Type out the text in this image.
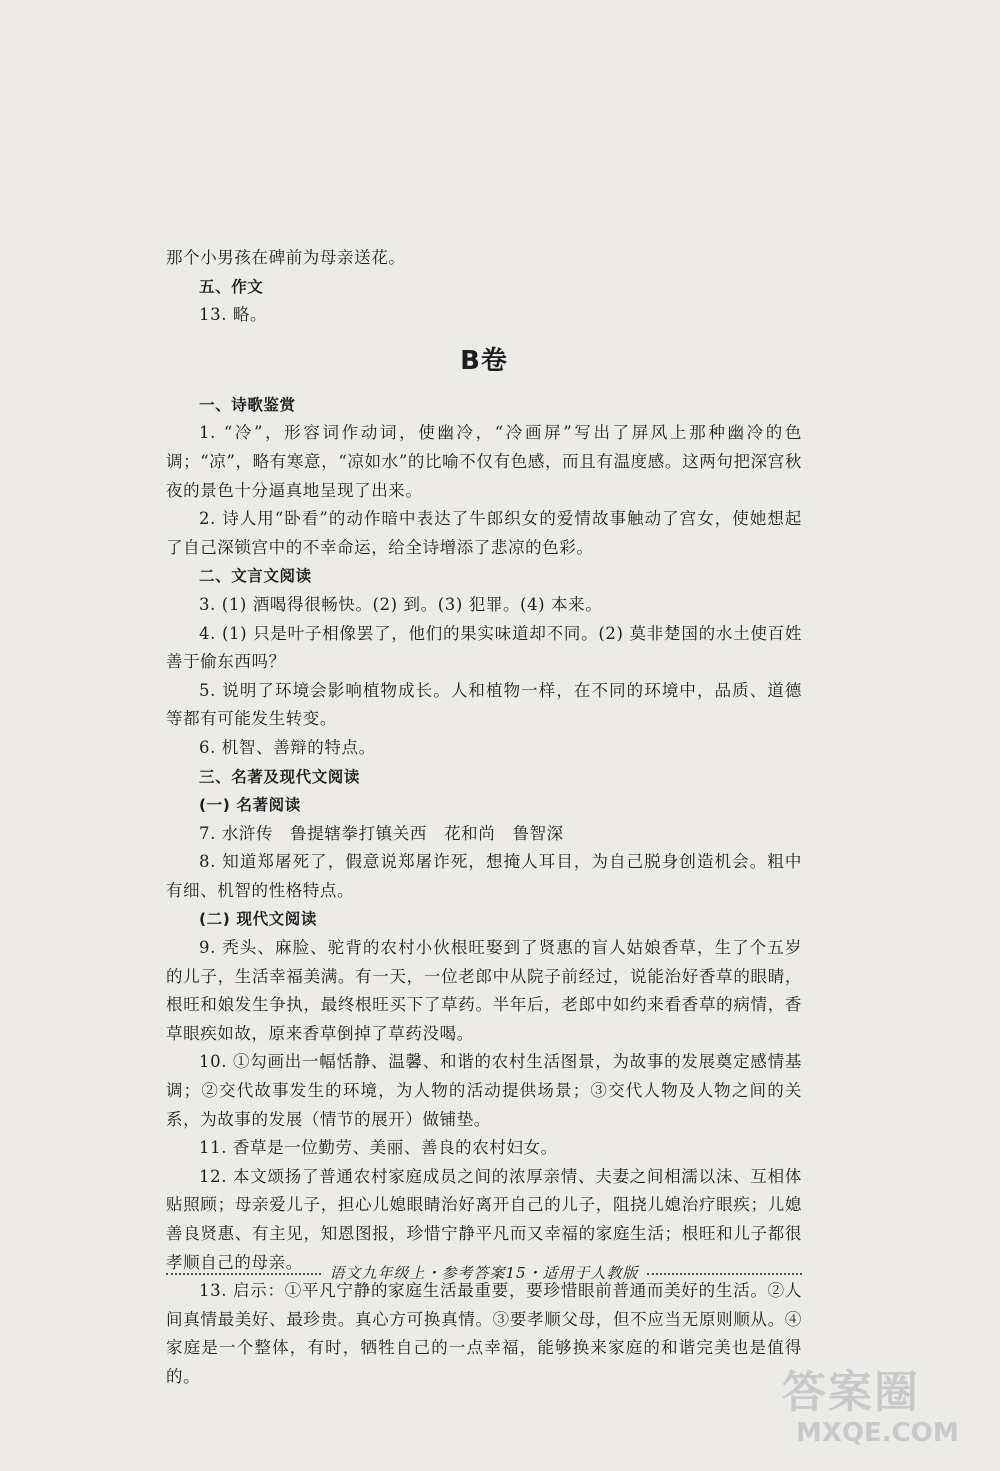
那个小男孩在碑前为母亲送花。
五、作文
13. 略。
B卷
一、诗歌鉴赏
1. “冷”，形容词作动词，使幽冷，“冷画屏”写出了屏风上那种幽冷的色调；“凉”，略有寒意，“凉如水”的比喻不仅有色感，而且有温度感。这两句把深宫秋夜的景色十分逼真地呈现了出来。
2. 诗人用“卧看”的动作暗中表达了牛郎织女的爱情故事触动了宫女，使她想起了自己深锁宫中的不幸命运，给全诗增添了悲凉的色彩。
二、文言文阅读
3. (1) 酒喝得很畅快。(2) 到。(3) 犯罪。(4) 本来。
4. (1) 只是叶子相像罢了，他们的果实味道却不同。(2) 莫非楚国的水土使百姓善于偷东西吗？
5. 说明了环境会影响植物成长。人和植物一样，在不同的环境中，品质、道德等都有可能发生转变。
6. 机智、善辩的特点。
三、名著及现代文阅读
(一) 名著阅读
7. 水浒传　鲁提辖拳打镇关西　花和尚　鲁智深
8. 知道郑屠死了，假意说郑屠诈死，想掩人耳目，为自己脱身创造机会。粗中有细、机智的性格特点。
(二) 现代文阅读
9. 秃头、麻脸、驼背的农村小伙根旺娶到了贤惠的盲人姑娘香草，生了个五岁的儿子，生活幸福美满。有一天，一位老郎中从院子前经过，说能治好香草的眼睛，根旺和娘发生争执，最终根旺买下了草药。半年后，老郎中如约来看香草的病情，香草眼疾如故，原来香草倒掉了草药没喝。
10. ①勾画出一幅恬静、温馨、和谐的农村生活图景，为故事的发展奠定感情基调；②交代故事发生的环境，为人物的活动提供场景；③交代人物及人物之间的关系，为故事的发展（情节的展开）做铺垫。
11. 香草是一位勤劳、美丽、善良的农村妇女。
12. 本文颂扬了普通农村家庭成员之间的浓厚亲情、夫妻之间相濡以沫、互相体贴照顾；母亲爱儿子，担心儿媳眼睛治好离开自己的儿子，阻挠儿媳治疗眼疾；儿媳善良贤惠、有主见，知恩图报，珍惜宁静平凡而又幸福的家庭生活；根旺和儿子都很孝顺自己的母亲。
13. 启示：①平凡宁静的家庭生活最重要，要珍惜眼前普通而美好的生活。②人间真情最美好、最珍贵。真心方可换真情。③要孝顺父母，但不应当无原则顺从。④家庭是一个整体，有时，牺牲自己的一点幸福，能够换来家庭的和谐完美也是值得的。
语文九年级上・参考答案15・适用于人教版
答案圈
MXQE.COM
